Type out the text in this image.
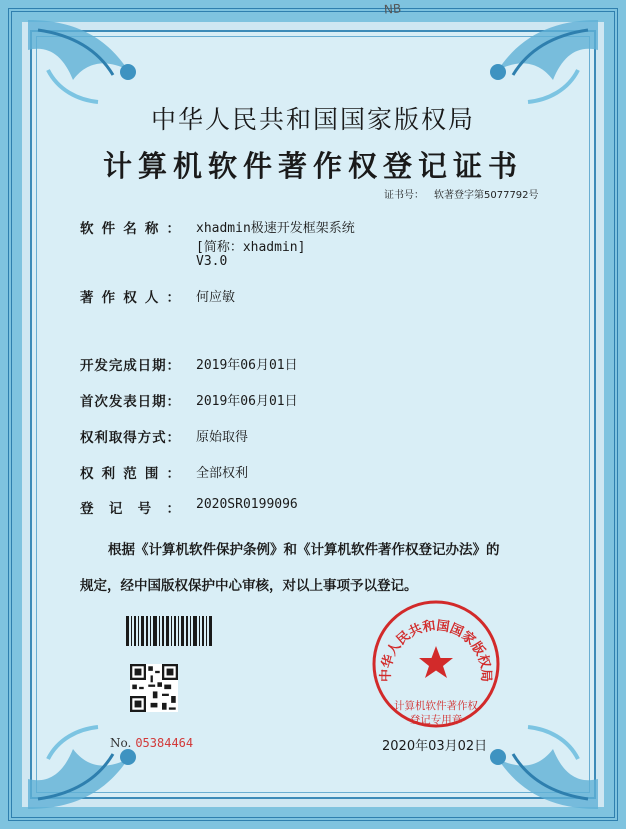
NB
中华人民共和国国家版权局
计算机软件著作权登记证书
证书号： 软著登字第5077792号
软件名称： xhadmin极速开发框架系统
[简称：xhadmin]
V3.0
著作权人： 何应敏
开发完成日期： 2019年06月01日
首次发表日期： 2019年06月01日
权利取得方式： 原始取得
权利范围： 全部权利
登记号： 2020SR0199096
根据《计算机软件保护条例》和《计算机软件著作权登记办法》的
规定，经中国版权保护中心审核，对以上事项予以登记。
No. 05384464
中华人民共和国国家版权局
计算机软件著作权
登记专用章
2020年03月02日
